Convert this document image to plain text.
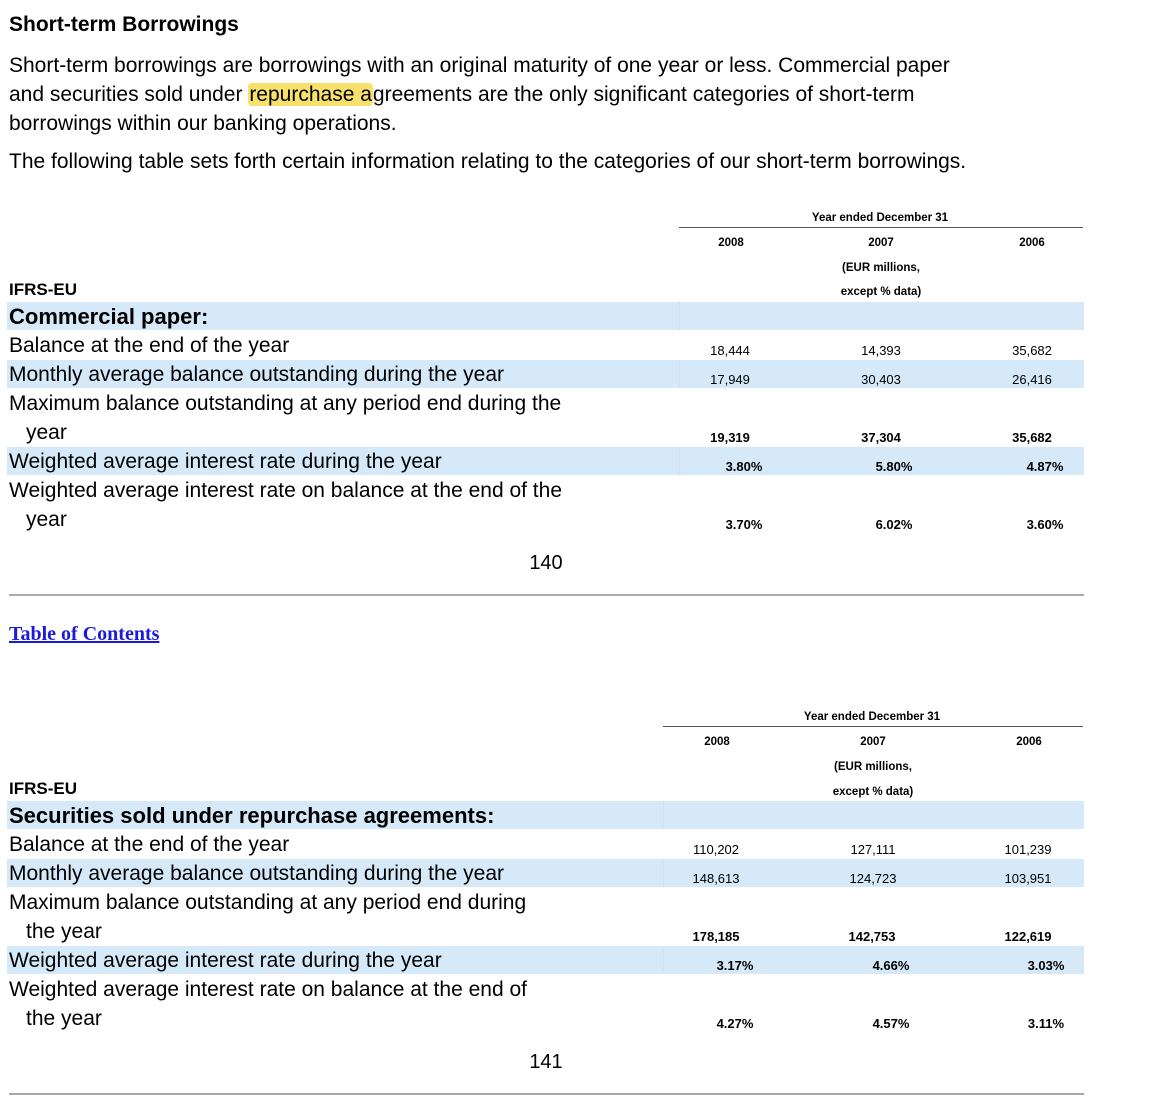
Short-term Borrowings
Short-term borrowings are borrowings with an original maturity of one year or less. Commercial paper
and securities sold under repurchase agreements are the only significant categories of short-term
borrowings within our banking operations.
The following table sets forth certain information relating to the categories of our short-term borrowings.
Year ended December 31
2008	2007	2006
(EUR millions,
except % data)
IFRS-EU
Commercial paper:
Balance at the end of the year	18,444	14,393	35,682
Monthly average balance outstanding during the year	17,949	30,403	26,416
Maximum balance outstanding at any period end during the
year	19,319	37,304	35,682
Weighted average interest rate during the year	3.80%	5.80%	4.87%
Weighted average interest rate on balance at the end of the
year	3.70%	6.02%	3.60%
140
Table of Contents
Year ended December 31
2008	2007	2006
(EUR millions,
except % data)
IFRS-EU
Securities sold under repurchase agreements:
Balance at the end of the year	110,202	127,111	101,239
Monthly average balance outstanding during the year	148,613	124,723	103,951
Maximum balance outstanding at any period end during
the year	178,185	142,753	122,619
Weighted average interest rate during the year	3.17%	4.66%	3.03%
Weighted average interest rate on balance at the end of
the year	4.27%	4.57%	3.11%
141
